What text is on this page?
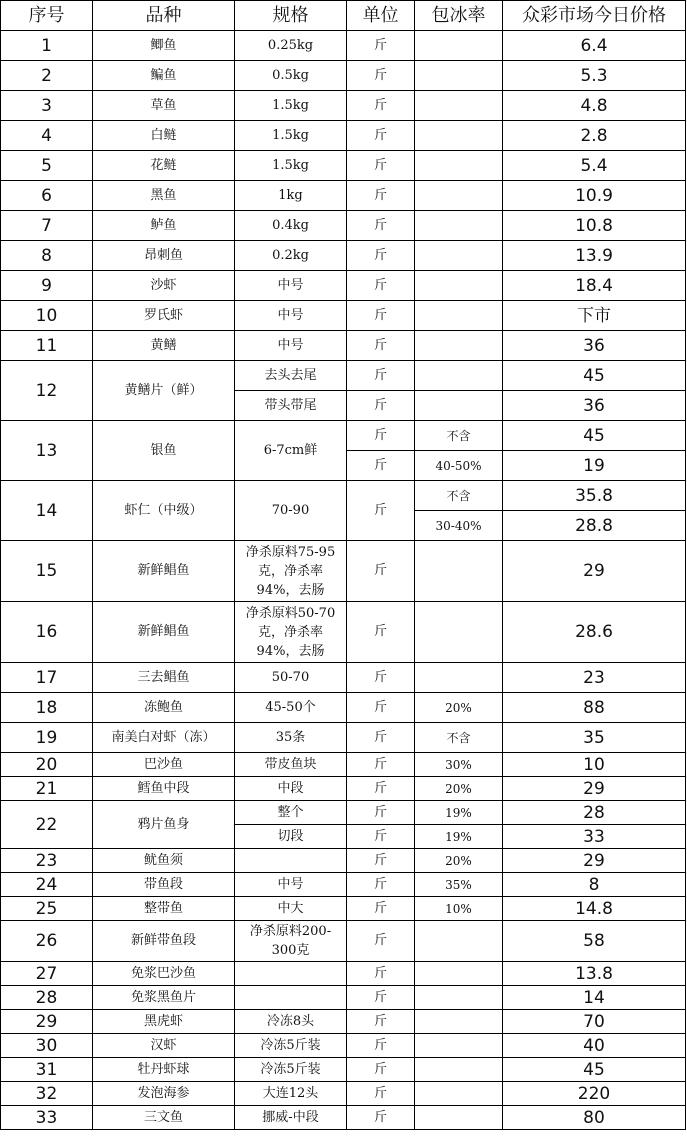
序号	品种	规格	单位	包冰率	众彩市场今日价格
1	鲫鱼	0.25kg	斤		6.4
2	鳊鱼	0.5kg	斤		5.3
3	草鱼	1.5kg	斤		4.8
4	白鲢	1.5kg	斤		2.8
5	花鲢	1.5kg	斤		5.4
6	黑鱼	1kg	斤		10.9
7	鲈鱼	0.4kg	斤		10.8
8	昂刺鱼	0.2kg	斤		13.9
9	沙虾	中号	斤		18.4
10	罗氏虾	中号	斤		下市
11	黄鳝	中号	斤		36
12	黄鳝片（鲜）	去头去尾	斤		45
		带头带尾	斤		36
13	银鱼	6-7cm鲜	斤	不含	45
			斤	40-50%	19
14	虾仁（中级）	70-90	斤	不含	35.8
				30-40%	28.8
15	新鲜鲳鱼	净杀原料75-95克，净杀率94%，去肠	斤		29
16	新鲜鲳鱼	净杀原料50-70克，净杀率94%，去肠	斤		28.6
17	三去鲳鱼	50-70	斤		23
18	冻鲍鱼	45-50个	斤	20%	88
19	南美白对虾（冻）	35条	斤	不含	35
20	巴沙鱼	带皮鱼块	斤	30%	10
21	鳕鱼中段	中段	斤	20%	29
22	鸦片鱼身	整个	斤	19%	28
		切段	斤	19%	33
23	鱿鱼须		斤	20%	29
24	带鱼段	中号	斤	35%	8
25	整带鱼	中大	斤	10%	14.8
26	新鲜带鱼段	净杀原料200-300克	斤		58
27	免浆巴沙鱼		斤		13.8
28	免浆黑鱼片		斤		14
29	黑虎虾	冷冻8头	斤		70
30	汉虾	冷冻5斤装	斤		40
31	牡丹虾球	冷冻5斤装	斤		45
32	发泡海参	大连12头	斤		220
33	三文鱼	挪威-中段	斤		80
